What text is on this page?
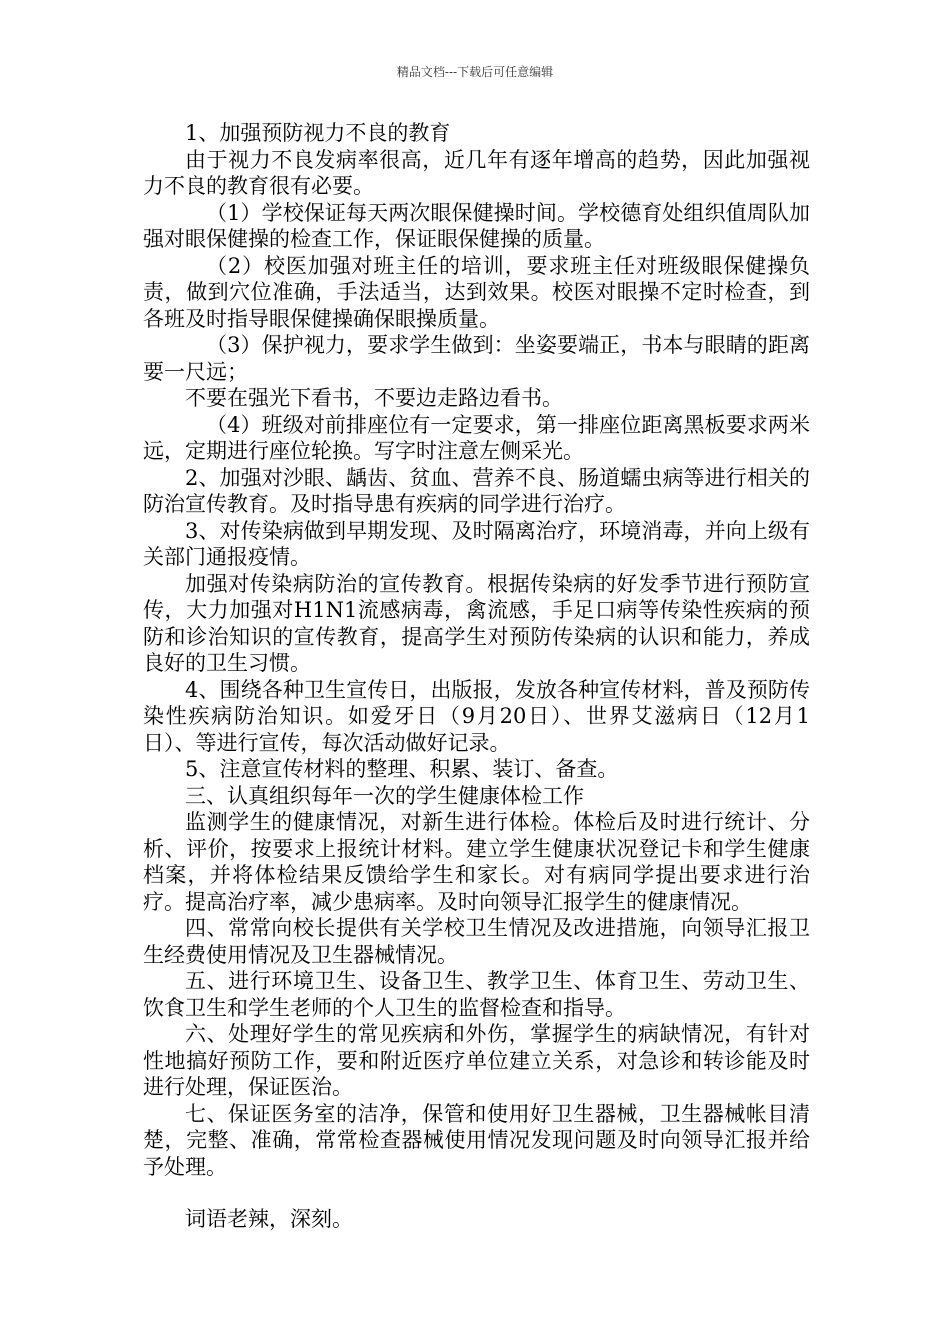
精品文档---下载后可任意编辑

1、加强预防视力不良的教育

由于视力不良发病率很高，近几年有逐年增高的趋势，因此加强视力不良的教育很有必要。

（1）学校保证每天两次眼保健操时间。学校德育处组织值周队加强对眼保健操的检查工作，保证眼保健操的质量。

（2）校医加强对班主任的培训，要求班主任对班级眼保健操负责，做到穴位准确，手法适当，达到效果。校医对眼操不定时检查，到各班及时指导眼保健操确保眼操质量。

（3）保护视力，要求学生做到：坐姿要端正，书本与眼睛的距离要一尺远；

不要在强光下看书，不要边走路边看书。

（4）班级对前排座位有一定要求，第一排座位距离黑板要求两米远，定期进行座位轮换。写字时注意左侧采光。

2、加强对沙眼、龋齿、贫血、营养不良、肠道蠕虫病等进行相关的防治宣传教育。及时指导患有疾病的同学进行治疗。

3、对传染病做到早期发现、及时隔离治疗，环境消毒，并向上级有关部门通报疫情。

加强对传染病防治的宣传教育。根据传染病的好发季节进行预防宣传，大力加强对H1N1流感病毒，禽流感，手足口病等传染性疾病的预防和诊治知识的宣传教育，提高学生对预防传染病的认识和能力，养成良好的卫生习惯。

4、围绕各种卫生宣传日，出版报，发放各种宣传材料，普及预防传染性疾病防治知识。如爱牙日（9月20日）、世界艾滋病日（12月1日）、等进行宣传，每次活动做好记录。

5、注意宣传材料的整理、积累、装订、备查。

三、认真组织每年一次的学生健康体检工作

监测学生的健康情况，对新生进行体检。体检后及时进行统计、分析、评价，按要求上报统计材料。建立学生健康状况登记卡和学生健康档案，并将体检结果反馈给学生和家长。对有病同学提出要求进行治疗。提高治疗率，减少患病率。及时向领导汇报学生的健康情况。

四、常常向校长提供有关学校卫生情况及改进措施，向领导汇报卫生经费使用情况及卫生器械情况。

五、进行环境卫生、设备卫生、教学卫生、体育卫生、劳动卫生、饮食卫生和学生老师的个人卫生的监督检查和指导。

六、处理好学生的常见疾病和外伤，掌握学生的病缺情况，有针对性地搞好预防工作，要和附近医疗单位建立关系，对急诊和转诊能及时进行处理，保证医治。

七、保证医务室的洁净，保管和使用好卫生器械，卫生器械帐目清楚，完整、准确，常常检查器械使用情况发现问题及时向领导汇报并给予处理。

词语老辣，深刻。
